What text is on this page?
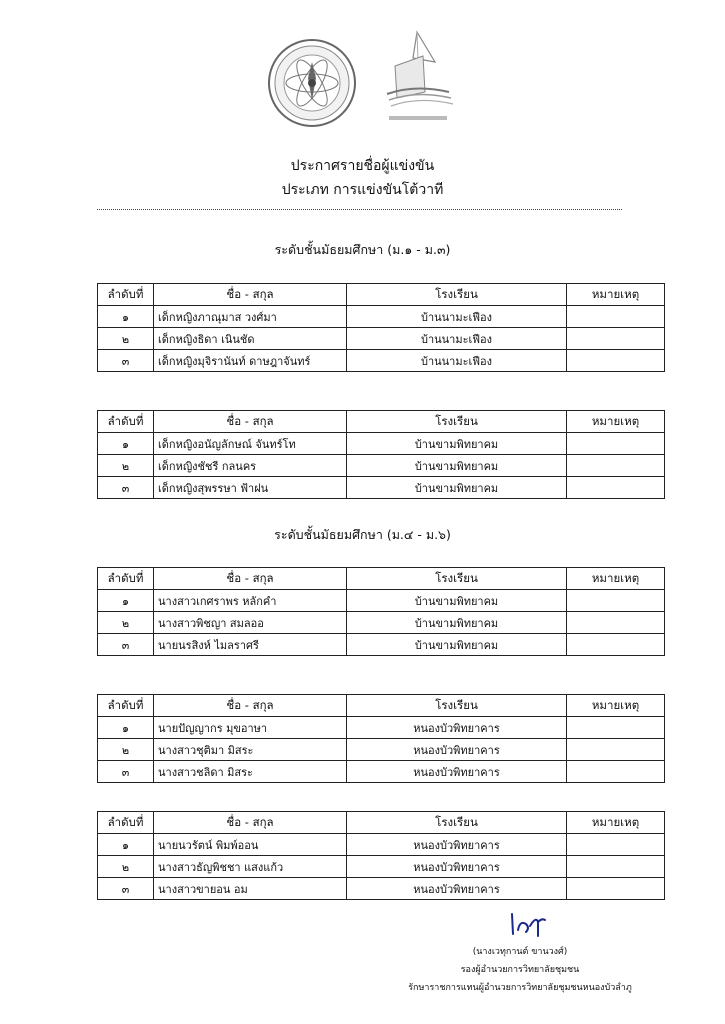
ประกาศรายชื่อผู้แข่งขัน
ประเภท การแข่งขันโต้วาที
ระดับชั้นมัธยมศึกษา (ม.๑ - ม.๓)
ลำดับที่	ชื่อ - สกุล	โรงเรียน	หมายเหตุ
๑	เด็กหญิงภาณุมาส วงศ์มา	บ้านนามะเฟือง	
๒	เด็กหญิงธิดา เนินชัด	บ้านนามะเฟือง	
๓	เด็กหญิงมุจิรานันท์ ดาษฎาจันทร์	บ้านนามะเฟือง	
ลำดับที่	ชื่อ - สกุล	โรงเรียน	หมายเหตุ
๑	เด็กหญิงอนัญลักษณ์ จันทร์โท	บ้านขามพิทยาคม	
๒	เด็กหญิงชัชรี กลนคร	บ้านขามพิทยาคม	
๓	เด็กหญิงสุพรรษา ฟ้าฝน	บ้านขามพิทยาคม	
ระดับชั้นมัธยมศึกษา (ม.๔ - ม.๖)
ลำดับที่	ชื่อ - สกุล	โรงเรียน	หมายเหตุ
๑	นางสาวเกศราพร หลักคำ	บ้านขามพิทยาคม	
๒	นางสาวพิชญา สมลออ	บ้านขามพิทยาคม	
๓	นายนรสิงห์ ไมลราศรี	บ้านขามพิทยาคม	
ลำดับที่	ชื่อ - สกุล	โรงเรียน	หมายเหตุ
๑	นายปัญญากร มุขอาษา	หนองบัวพิทยาคาร	
๒	นางสาวชุติมา มิสระ	หนองบัวพิทยาคาร	
๓	นางสาวชลิดา มิสระ	หนองบัวพิทยาคาร	
ลำดับที่	ชื่อ - สกุล	โรงเรียน	หมายเหตุ
๑	นายนวรัตน์ พิมพ์ออน	หนองบัวพิทยาคาร	
๒	นางสาวธัญพิชชา แสงแก้ว	หนองบัวพิทยาคาร	
๓	นางสาวขายอน อม	หนองบัวพิทยาคาร	
(นางเวทุกานต์ ขานวงศ์)
รองผู้อำนวยการวิทยาลัยชุมชน
รักษาราชการแทนผู้อำนวยการวิทยาลัยชุมชนหนองบัวลำภู
